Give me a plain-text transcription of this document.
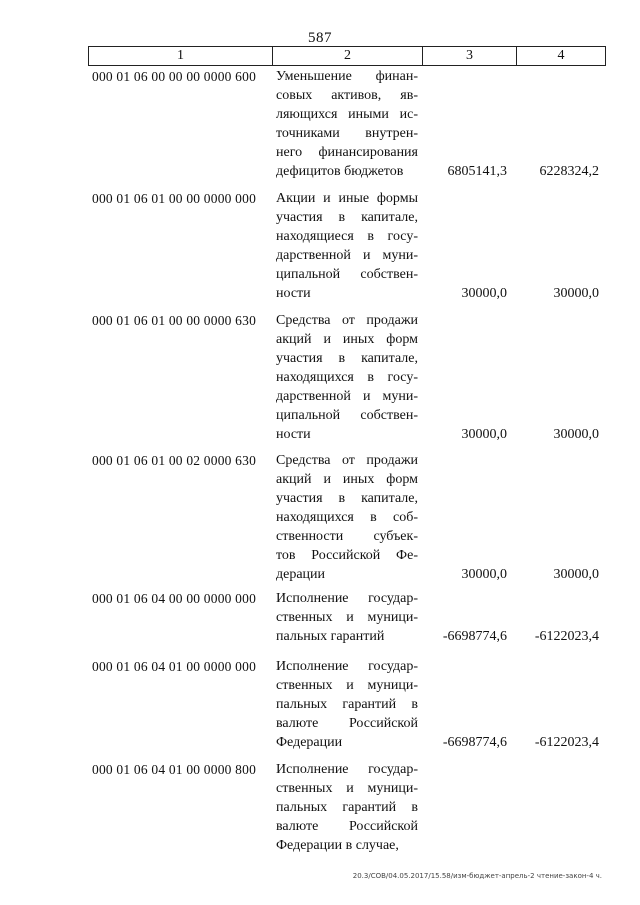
587
1	2	3	4
000 01 06 00 00 00 0000 600 Уменьшение финан-
совых активов, яв-
ляющихся иными ис-
точниками внутрен-
него финансирования
дефицитов бюджетов	6805141,3 6228324,2
000 01 06 01 00 00 0000 000 Акции и иные формы
участия в капитале,
находящиеся в госу-
дарственной и муни-
ципальной собствен-
ности	30000,0	30000,0
000 01 06 01 00 00 0000 630 Средства от продажи
акций и иных форм
участия в капитале,
находящихся в госу-
дарственной и муни-
ципальной собствен-
ности	30000,0	30000,0
000 01 06 01 00 02 0000 630 Средства от продажи
акций и иных форм
участия в капитале,
находящихся в соб-
ственности субъек-
тов Российской Фе-
дерации	30000,0	30000,0
000 01 06 04 00 00 0000 000 Исполнение государ-
ственных и муници-
пальных гарантий	-6698774,6 -6122023,4
000 01 06 04 01 00 0000 000 Исполнение государ-
ственных и муници-
пальных гарантий в
валюте Российской
Федерации	-6698774,6 -6122023,4
000 01 06 04 01 00 0000 800 Исполнение государ-
ственных и муници-
пальных гарантий в
валюте Российской
Федерации в случае,
20.3/СОВ/04.05.2017/15.58/изм-бюджет-апрель-2 чтение-закон-4 ч.
